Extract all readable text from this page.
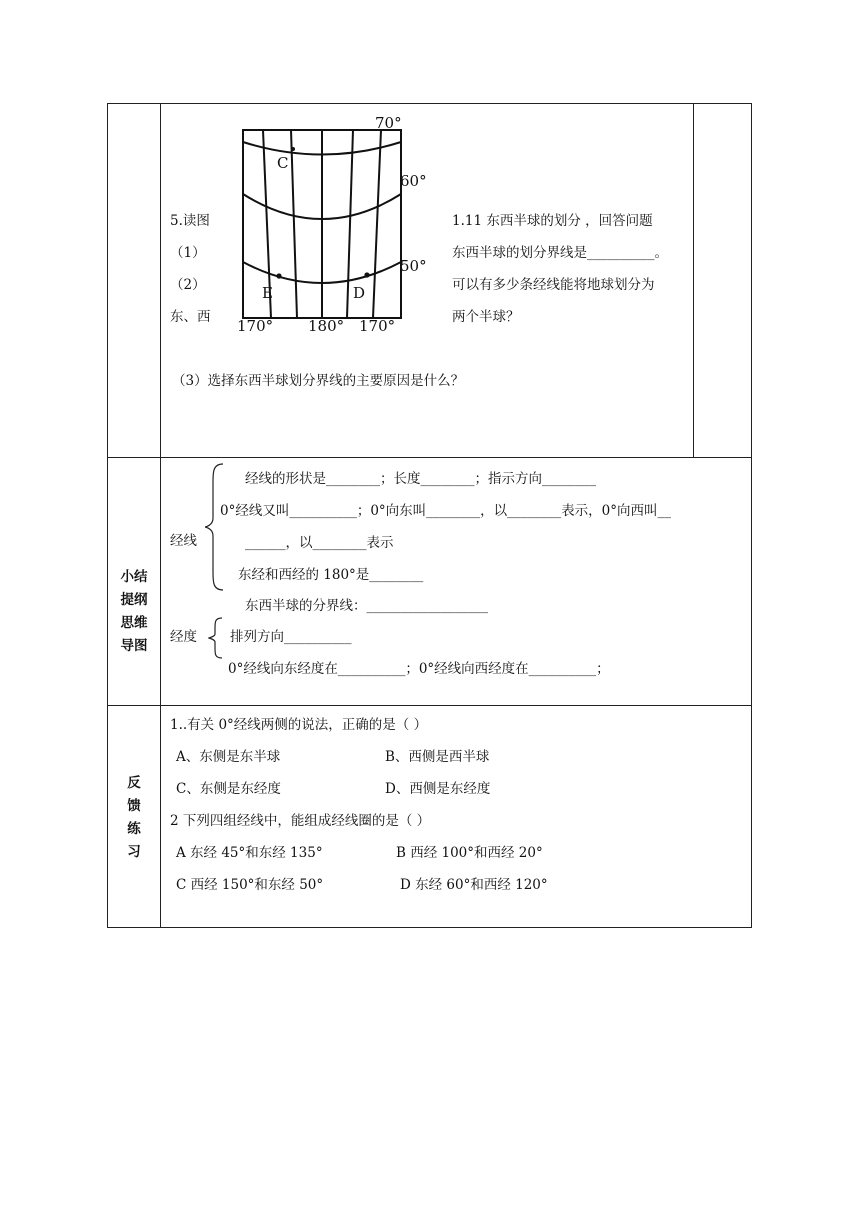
5.读图
（1）
（2）
东、西
1.11 东西半球的划分 ，回答问题
东西半球的划分界线是__________。
可以有多少条经线能将地球划分为
两个半球？
（3）选择东西半球划分界线的主要原因是什么？
70°
60°
50°
C
E	D
170° 180° 170°
小结
提纲
思维
导图
经线
经线的形状是________；长度________；指示方向________
0°经线又叫__________；0°向东叫________，以________表示，0°向西叫__
______，以________表示
东经和西经的 180°是________
东西半球的分界线：__________________
经度 排列方向__________
0°经线向东经度在__________；0°经线向西经度在__________；
反
馈
练
习
1..有关 0°经线两侧的说法，正确的是（ ）
A、东侧是东半球	B、西侧是西半球
C、东侧是东经度	D、西侧是东经度
2 下列四组经线中，能组成经线圈的是（ ）
A 东经 45°和东经 135°	B 西经 100°和西经 20°
C 西经 150°和东经 50°	D 东经 60°和西经 120°
